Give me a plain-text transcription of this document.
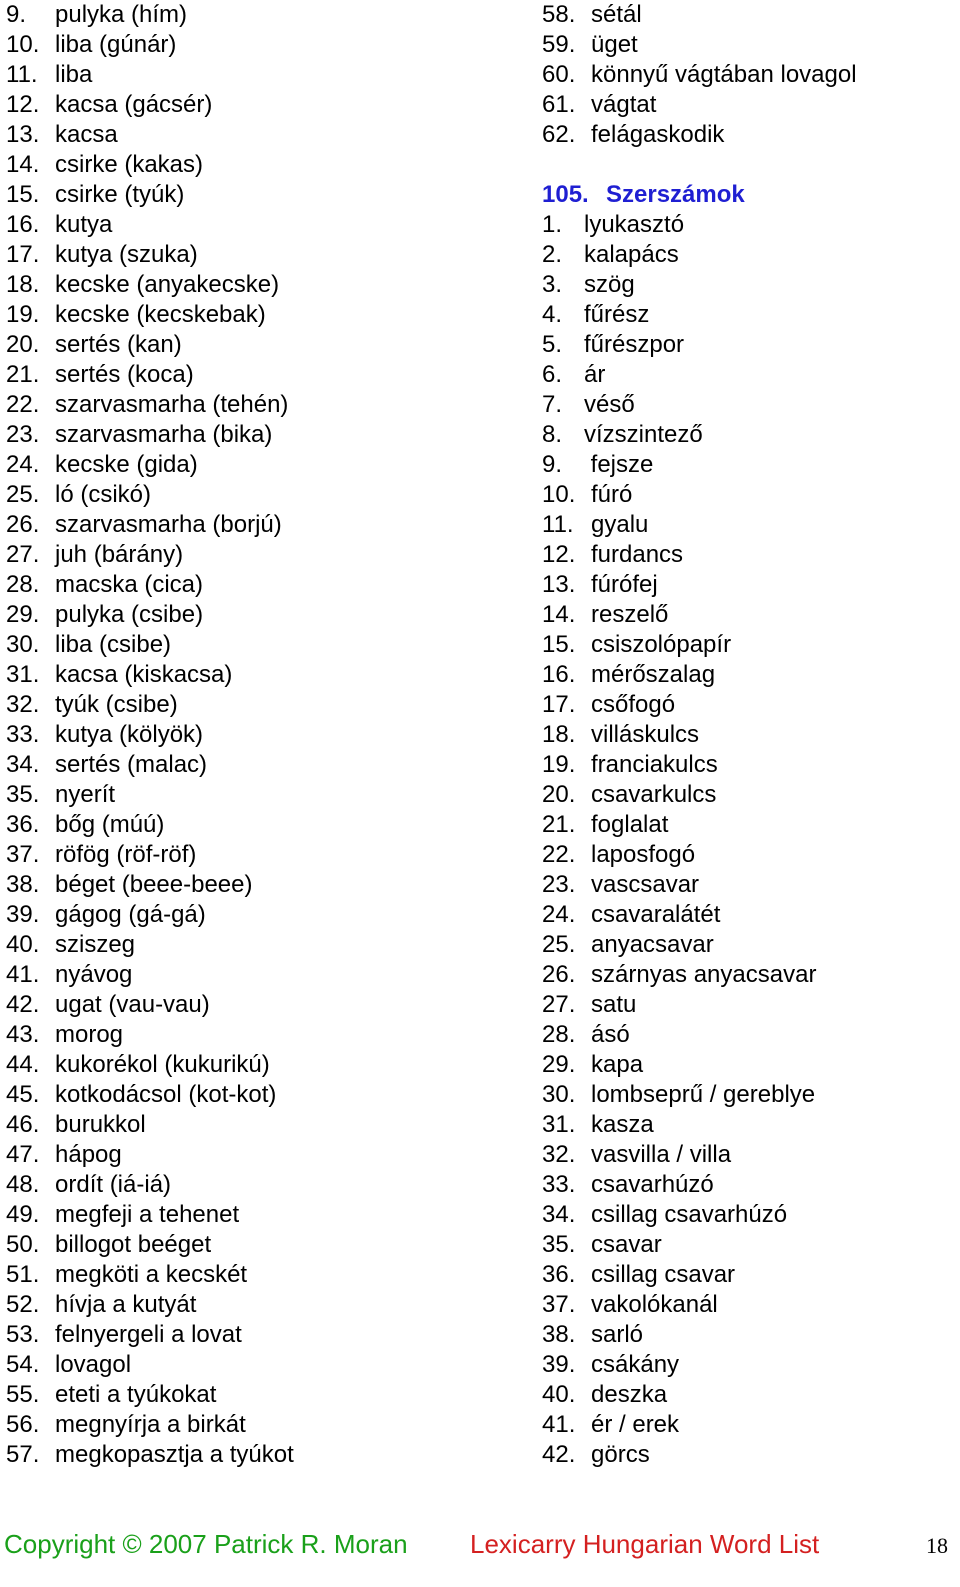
9.	pulyka (hím)
10. liba (gúnár)
11. liba
12. kacsa (gácsér)
13. kacsa
14. csirke (kakas)
15. csirke (tyúk)
16. kutya
17. kutya (szuka)
18. kecske (anyakecske)
19. kecske (kecskebak)
20. sertés (kan)
21. sertés (koca)
22. szarvasmarha (tehén)
23. szarvasmarha (bika)
24. kecske (gida)
25. ló (csikó)
26. szarvasmarha (borjú)
27. juh (bárány)
28. macska (cica)
29. pulyka (csibe)
30. liba (csibe)
31. kacsa (kiskacsa)
32. tyúk (csibe)
33. kutya (kölyök)
34. sertés (malac)
35. nyerít
36. bőg (múú)
37. röfög (röf-röf)
38. béget (beee-beee)
39. gágog (gá-gá)
40. sziszeg
41. nyávog
42. ugat (vau-vau)
43. morog
44. kukorékol (kukurikú)
45. kotkodácsol (kot-kot)
46. burukkol
47. hápog
48. ordít (iá-iá)
49. megfeji a tehenet
50. billogot beéget
51. megköti a kecskét
52. hívja a kutyát
53. felnyergeli a lovat
54. lovagol
55. eteti a tyúkokat
56. megnyírja a birkát
57. megkopasztja a tyúkot
58. sétál
59. üget
60. könnyű vágtában lovagol
61. vágtat
62. felágaskodik
105. Szerszámok
1. lyukasztó
2. kalapács
3. szög
4. fűrész
5. fűrészpor
6. ár
7. véső
8. vízszintező
9. fejsze
10. fúró
11. gyalu
12. furdancs
13. fúrófej
14. reszelő
15. csiszolópapír
16. mérőszalag
17. csőfogó
18. villáskulcs
19. franciakulcs
20. csavarkulcs
21. foglalat
22. laposfogó
23. vascsavar
24. csavaralátét
25. anyacsavar
26. szárnyas anyacsavar
27. satu
28. ásó
29. kapa
30. lombseprű / gereblye
31. kasza
32. vasvilla / villa
33. csavarhúzó
34. csillag csavarhúzó
35. csavar
36. csillag csavar
37. vakolókanál
38. sarló
39. csákány
40. deszka
41. ér / erek
42. görcs
Copyright © 2007 Patrick R. Moran Lexicarry Hungarian Word List	18
